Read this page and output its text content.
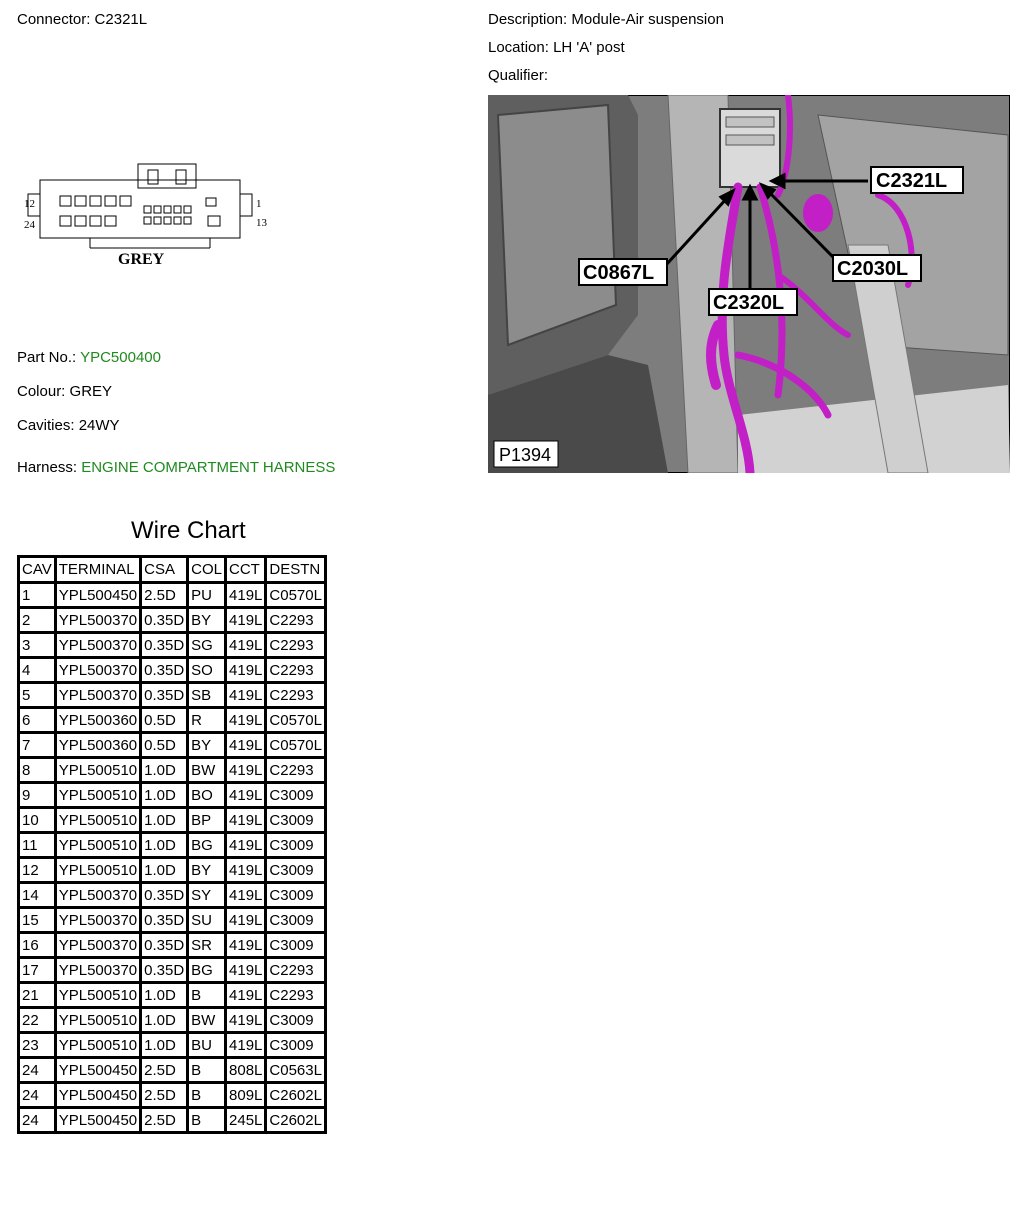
Connector: C2321L	Description: Module-Air suspension
Location: LH 'A' post
Qualifier:
12
24
1
13
GREY
Part No.: YPC500400
Colour: GREY
Cavities: 24WY
Harness: ENGINE COMPARTMENT HARNESS
C2321L
C0867L	C2030L
C2320L
P1394
Wire Chart
CAV	TERMINAL	CSA	COL	CCT	DESTN
1	YPL500450	2.5D	PU	419L	C0570L
2	YPL500370	0.35D	BY	419L	C2293
3	YPL500370	0.35D	SG	419L	C2293
4	YPL500370	0.35D	SO	419L	C2293
5	YPL500370	0.35D	SB	419L	C2293
6	YPL500360	0.5D	R	419L	C0570L
7	YPL500360	0.5D	BY	419L	C0570L
8	YPL500510	1.0D	BW	419L	C2293
9	YPL500510	1.0D	BO	419L	C3009
10	YPL500510	1.0D	BP	419L	C3009
11	YPL500510	1.0D	BG	419L	C3009
12	YPL500510	1.0D	BY	419L	C3009
14	YPL500370	0.35D	SY	419L	C3009
15	YPL500370	0.35D	SU	419L	C3009
16	YPL500370	0.35D	SR	419L	C3009
17	YPL500370	0.35D	BG	419L	C2293
21	YPL500510	1.0D	B	419L	C2293
22	YPL500510	1.0D	BW	419L	C3009
23	YPL500510	1.0D	BU	419L	C3009
24	YPL500450	2.5D	B	808L	C0563L
24	YPL500450	2.5D	B	809L	C2602L
24	YPL500450	2.5D	B	245L	C2602L
